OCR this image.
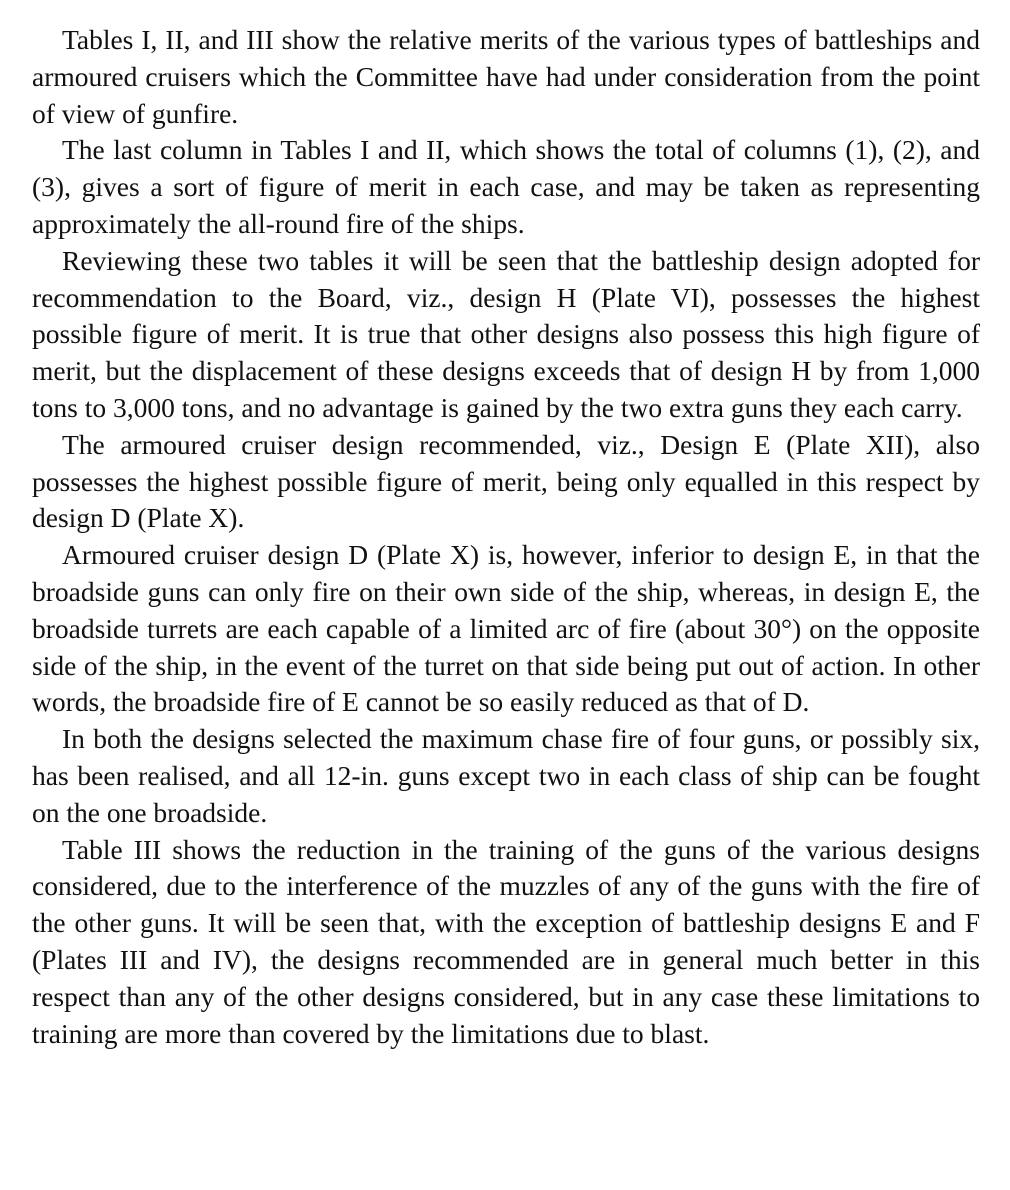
Tables I, II, and III show the relative merits of the various types of battleships and armoured cruisers which the Committee have had under consideration from the point of view of gunfire.

The last column in Tables I and II, which shows the total of columns (1), (2), and (3), gives a sort of figure of merit in each case, and may be taken as representing approximately the all-round fire of the ships.

Reviewing these two tables it will be seen that the battleship design adopted for recommendation to the Board, viz., design H (Plate VI), possesses the highest possible figure of merit. It is true that other designs also possess this high figure of merit, but the displacement of these designs exceeds that of design H by from 1,000 tons to 3,000 tons, and no advantage is gained by the two extra guns they each carry.

The armoured cruiser design recommended, viz., Design E (Plate XII), also possesses the highest possible figure of merit, being only equalled in this respect by design D (Plate X).

Armoured cruiser design D (Plate X) is, however, inferior to design E, in that the broadside guns can only fire on their own side of the ship, whereas, in design E, the broadside turrets are each capable of a limited arc of fire (about 30°) on the opposite side of the ship, in the event of the turret on that side being put out of action. In other words, the broadside fire of E cannot be so easily reduced as that of D.

In both the designs selected the maximum chase fire of four guns, or possibly six, has been realised, and all 12-in. guns except two in each class of ship can be fought on the one broadside.

Table III shows the reduction in the training of the guns of the various designs considered, due to the interference of the muzzles of any of the guns with the fire of the other guns. It will be seen that, with the exception of battleship designs E and F (Plates III and IV), the designs recommended are in general much better in this respect than any of the other designs considered, but in any case these limitations to training are more than covered by the limitations due to blast.
